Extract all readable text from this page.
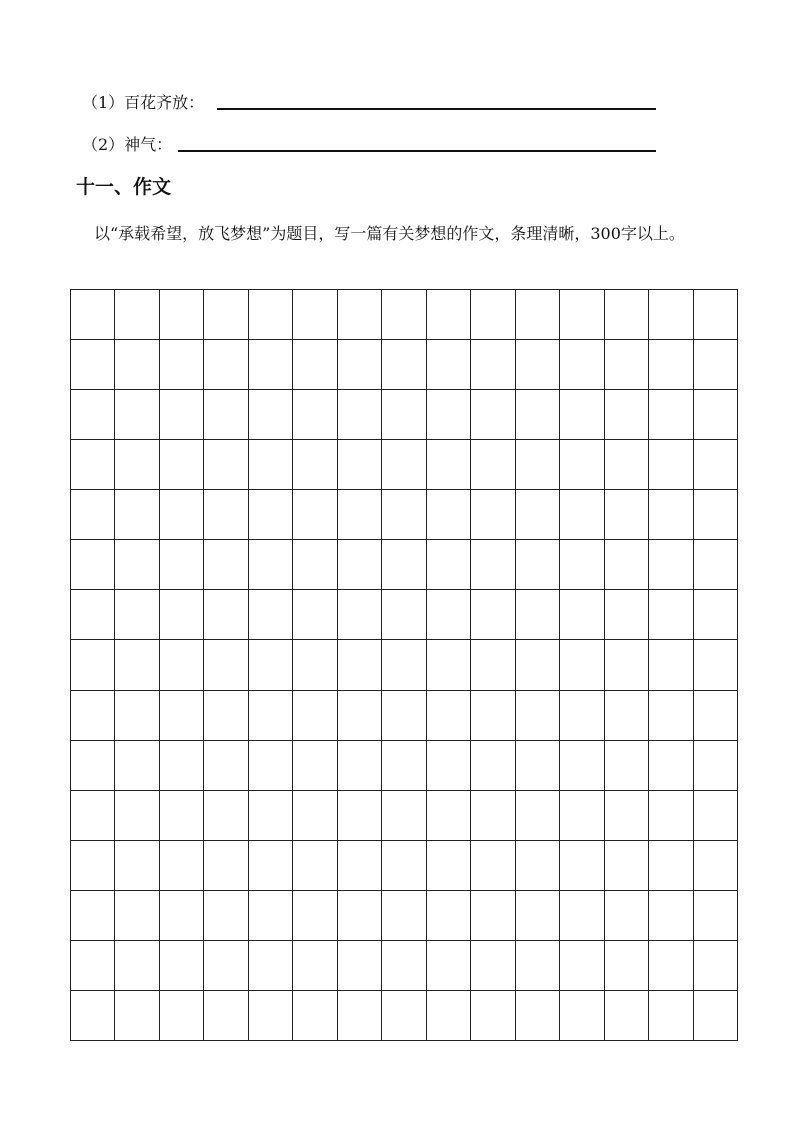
（1）百花齐放：
（2）神气：
十一、作文
以“承载希望，放飞梦想”为题目，写一篇有关梦想的作文，条理清晰，300字以上。
